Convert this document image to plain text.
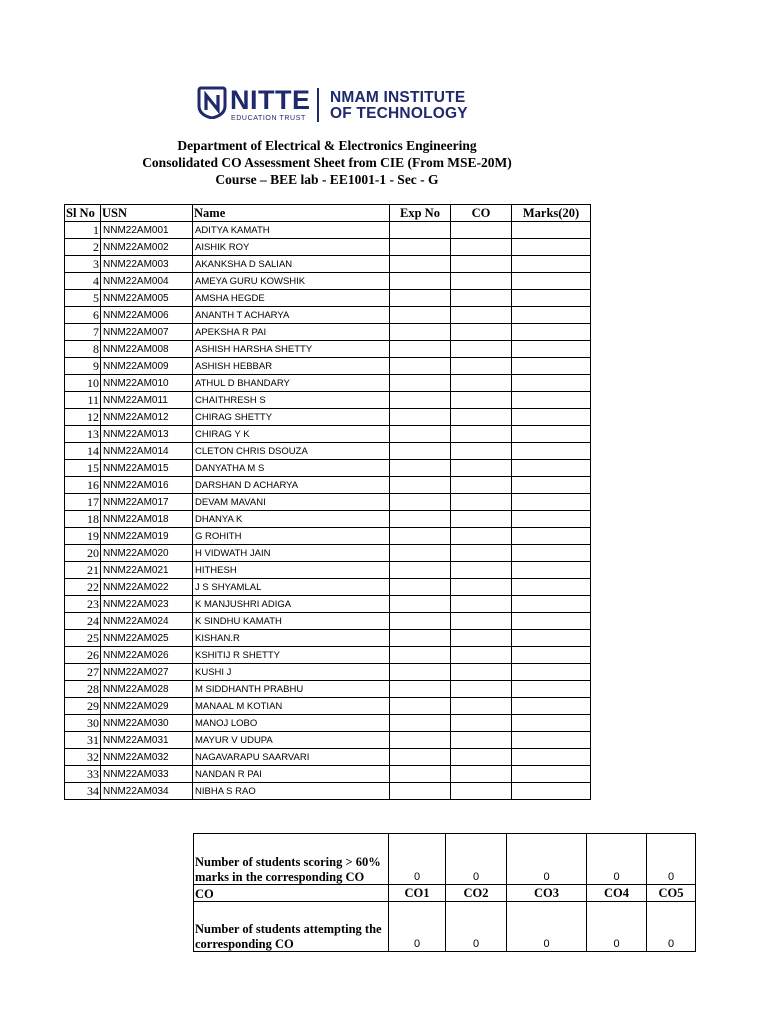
NITTE
EDUCATION TRUST
NMAM INSTITUTE
OF TECHNOLOGY
Department of Electrical & Electronics Engineering
Consolidated CO Assessment Sheet from CIE (From MSE-20M)
Course – BEE lab - EE1001-1 - Sec - G
Sl No	USN	Name	Exp No	CO	Marks(20)
1	NNM22AM001	ADITYA KAMATH			
2	NNM22AM002	AISHIK ROY			
3	NNM22AM003	AKANKSHA D SALIAN			
4	NNM22AM004	AMEYA GURU KOWSHIK			
5	NNM22AM005	AMSHA HEGDE			
6	NNM22AM006	ANANTH T ACHARYA			
7	NNM22AM007	APEKSHA R PAI			
8	NNM22AM008	ASHISH HARSHA SHETTY			
9	NNM22AM009	ASHISH HEBBAR			
10	NNM22AM010	ATHUL D BHANDARY			
11	NNM22AM011	CHAITHRESH S			
12	NNM22AM012	CHIRAG SHETTY			
13	NNM22AM013	CHIRAG Y K			
14	NNM22AM014	CLETON CHRIS DSOUZA			
15	NNM22AM015	DANYATHA M S			
16	NNM22AM016	DARSHAN D ACHARYA			
17	NNM22AM017	DEVAM MAVANI			
18	NNM22AM018	DHANYA K			
19	NNM22AM019	G ROHITH			
20	NNM22AM020	H VIDWATH JAIN			
21	NNM22AM021	HITHESH			
22	NNM22AM022	J S SHYAMLAL			
23	NNM22AM023	K MANJUSHRI ADIGA			
24	NNM22AM024	K SINDHU KAMATH			
25	NNM22AM025	KISHAN.R			
26	NNM22AM026	KSHITIJ R SHETTY			
27	NNM22AM027	KUSHI J			
28	NNM22AM028	M SIDDHANTH PRABHU			
29	NNM22AM029	MANAAL M KOTIAN			
30	NNM22AM030	MANOJ LOBO			
31	NNM22AM031	MAYUR V UDUPA			
32	NNM22AM032	NAGAVARAPU SAARVARI			
33	NNM22AM033	NANDAN R PAI			
34	NNM22AM034	NIBHA S RAO			
Number of students scoring > 60% marks in the corresponding CO	0	0	0	0	0
CO	CO1	CO2	CO3	CO4	CO5
Number of students attempting the corresponding CO	0	0	0	0	0
